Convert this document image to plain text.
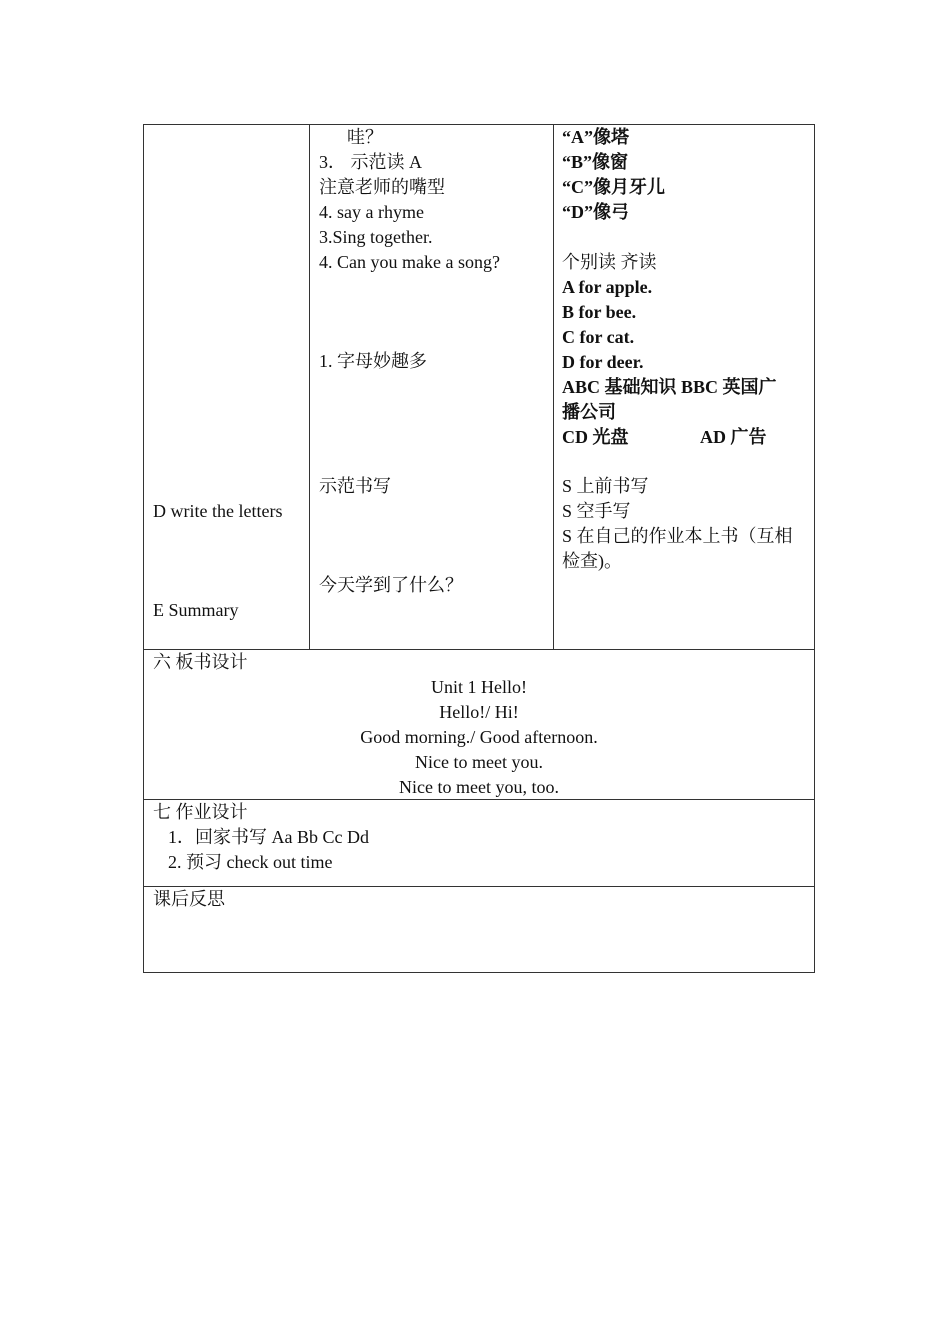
D write the letters
E Summary
哇？
3． 示范读 A
注意老师的嘴型
4. say a rhyme
3.Sing together.
4. Can you make a song?
1. 字母妙趣多
示范书写
今天学到了什么？
“A”像塔
“B”像窗
“C”像月牙儿
“D”像弓
个别读 齐读
A for apple.
B for bee.
C for cat.
D for deer.
ABC 基础知识 BBC 英国广
播公司
CD 光盘	AD 广告
S 上前书写
S 空手写
S 在自己的作业本上书（互相
检查)。
六 板书设计
Unit 1 Hello!
Hello!/ Hi!
Good morning./ Good afternoon.
Nice to meet you.
Nice to meet you, too.
七 作业设计
1．回家书写 Aa Bb Cc Dd
2. 预习 check out time
课后反思
